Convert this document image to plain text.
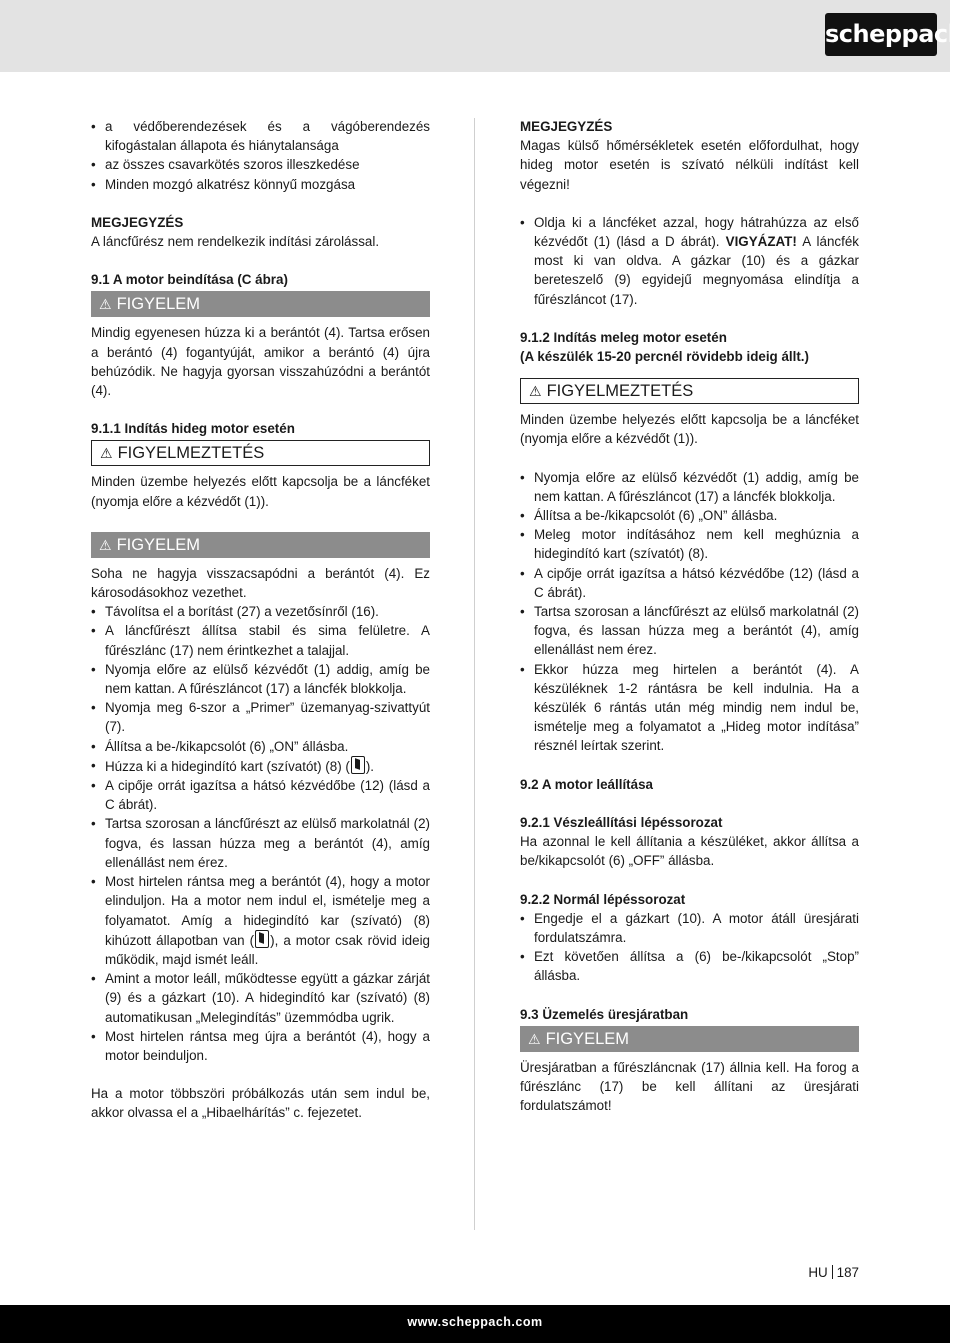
scheppach
• a védőberendezések és a vágóberendezés kifogástalan állapota és hiánytalansága
• az összes csavarkötés szoros illeszkedése
• Minden mozgó alkatrész könnyű mozgása

MEGJEGYZÉS

A láncfűrész nem rendelkezik indítási zárolással.

9.1 A motor beindítása (C ábra)

⚠ FIGYELEM

Mindig egyenesen húzza ki a berántót (4). Tartsa erősen a berántó (4) fogantyúját, amikor a berántó (4) újra behúzódik. Ne hagyja gyorsan visszahúzódni a berántót (4).

9.1.1 Indítás hideg motor esetén

⚠ FIGYELMEZTETÉS

Minden üzembe helyezés előtt kapcsolja be a láncféket (nyomja előre a kézvédőt (1)).

⚠ FIGYELEM

Soha ne hagyja visszacsapódni a berántót (4). Ez károsodásokhoz vezethet.

• Távolítsa el a borítást (27) a vezetősínről (16).
• A láncfűrészt állítsa stabil és sima felületre. A fűrészlánc (17) nem érintkezhet a talajjal.
• Nyomja előre az elülső kézvédőt (1) addig, amíg be nem kattan. A fűrészláncot (17) a láncfék blokkolja.
• Nyomja meg 6-szor a „Primer” üzemanyag-szivattyút (7).
• Állítsa a be-/kikapcsolót (6) „ON” állásba.
• Húzza ki a hidegindító kart (szívatót) (8) ( ).
• A cipője orrát igazítsa a hátsó kézvédőbe (12) (lásd a C ábrát).
• Tartsa szorosan a láncfűrészt az elülső markolatnál (2) fogva, és lassan húzza meg a berántót (4), amíg ellenállást nem érez.
• Most hirtelen rántsa meg a berántót (4), hogy a motor elinduljon. Ha a motor nem indul el, ismételje meg a folyamatot. Amíg a hidegindító kar (szívató) (8) kihúzott állapotban van ( ), a motor csak rövid ideig működik, majd ismét leáll.
• Amint a motor leáll, működtesse együtt a gázkar zárját (9) és a gázkart (10). A hidegindító kar (szívató) (8) automatikusan „Melegindítás” üzemmódba ugrik.
• Most hirtelen rántsa meg újra a berántót (4), hogy a motor beinduljon.

Ha a motor többszöri próbálkozás után sem indul be, akkor olvassa el a „Hibaelhárítás” c. fejezetet.

MEGJEGYZÉS

Magas külső hőmérsékletek esetén előfordulhat, hogy hideg motor esetén is szívató nélküli indítást kell végezni!

• Oldja ki a láncféket azzal, hogy hátrahúzza az első kézvédőt (1) (lásd a D ábrát). VIGYÁZAT! A láncfék most ki van oldva. A gázkar (10) és a gázkar bereteszelő (9) egyidejű megnyomása elindítja a fűrészláncot (17).

9.1.2 Indítás meleg motor esetén

(A készülék 15-20 percnél rövidebb ideig állt.)

⚠ FIGYELMEZTETÉS

Minden üzembe helyezés előtt kapcsolja be a láncféket (nyomja előre a kézvédőt (1)).

• Nyomja előre az elülső kézvédőt (1) addig, amíg be nem kattan. A fűrészláncot (17) a láncfék blokkolja.
• Állítsa a be-/kikapcsolót (6) „ON” állásba.
• Meleg motor indításához nem kell meghúznia a hidegindító kart (szívatót) (8).
• A cipője orrát igazítsa a hátsó kézvédőbe (12) (lásd a C ábrát).
• Tartsa szorosan a láncfűrészt az elülső markolatnál (2) fogva, és lassan húzza meg a berántót (4), amíg ellenállást nem érez.
• Ekkor húzza meg hirtelen a berántót (4). A készüléknek 1-2 rántásra be kell indulnia. Ha a készülék 6 rántás után még mindig nem indul be, ismételje meg a folyamatot a „Hideg motor indítása” résznél leírtak szerint.

9.2 A motor leállítása

9.2.1 Vészleállítási lépéssorozat

Ha azonnal le kell állítania a készüléket, akkor állítsa a be/kikapcsolót (6) „OFF” állásba.

9.2.2 Normál lépéssorozat

• Engedje el a gázkart (10). A motor átáll üresjárati fordulatszámra.
• Ezt követően állítsa a (6) be-/kikapcsolót „Stop” állásba.

9.3 Üzemelés üresjáratban

⚠ FIGYELEM

Üresjáratban a fűrészláncnak (17) állnia kell. Ha forog a fűrészlánc (17) be kell állítani az üresjárati fordulatszámot!

HU 187
www.scheppach.com
